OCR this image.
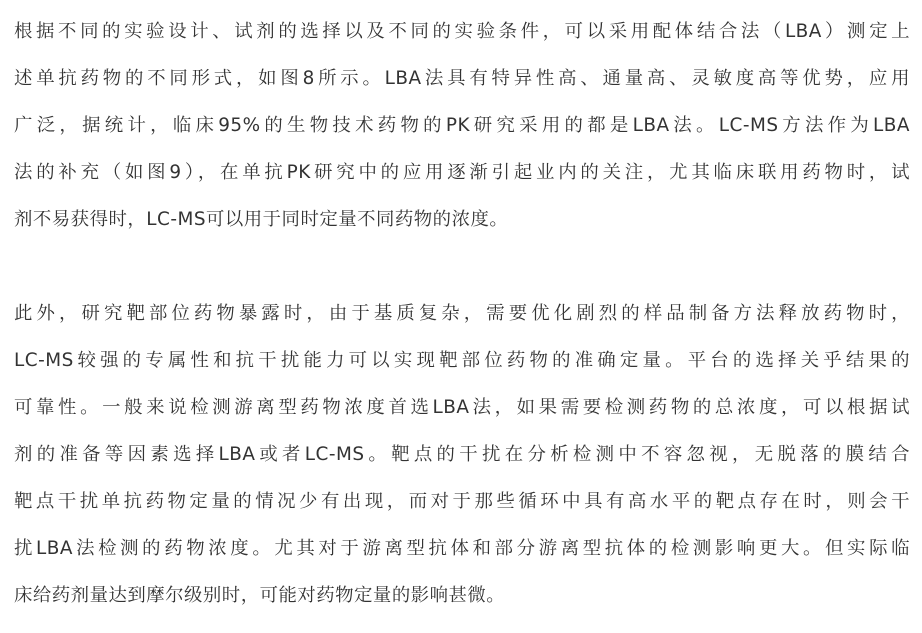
根据不同的实验设计、试剂的选择以及不同的实验条件，可以采用配体结合法（LBA）测定上
述单抗药物的不同形式，如图8所示。LBA法具有特异性高、通量高、灵敏度高等优势，应用
广泛，据统计，临床95%的生物技术药物的PK研究采用的都是LBA法。LC-MS方法作为LBA
法的补充（如图9），在单抗PK研究中的应用逐渐引起业内的关注，尤其临床联用药物时，试
剂不易获得时，LC-MS可以用于同时定量不同药物的浓度。
此外，研究靶部位药物暴露时，由于基质复杂，需要优化剧烈的样品制备方法释放药物时，
LC-MS较强的专属性和抗干扰能力可以实现靶部位药物的准确定量。平台的选择关乎结果的
可靠性。一般来说检测游离型药物浓度首选LBA法，如果需要检测药物的总浓度，可以根据试
剂的准备等因素选择LBA或者LC-MS。靶点的干扰在分析检测中不容忽视，无脱落的膜结合
靶点干扰单抗药物定量的情况少有出现，而对于那些循环中具有高水平的靶点存在时，则会干
扰LBA法检测的药物浓度。尤其对于游离型抗体和部分游离型抗体的检测影响更大。但实际临
床给药剂量达到摩尔级别时，可能对药物定量的影响甚微。
